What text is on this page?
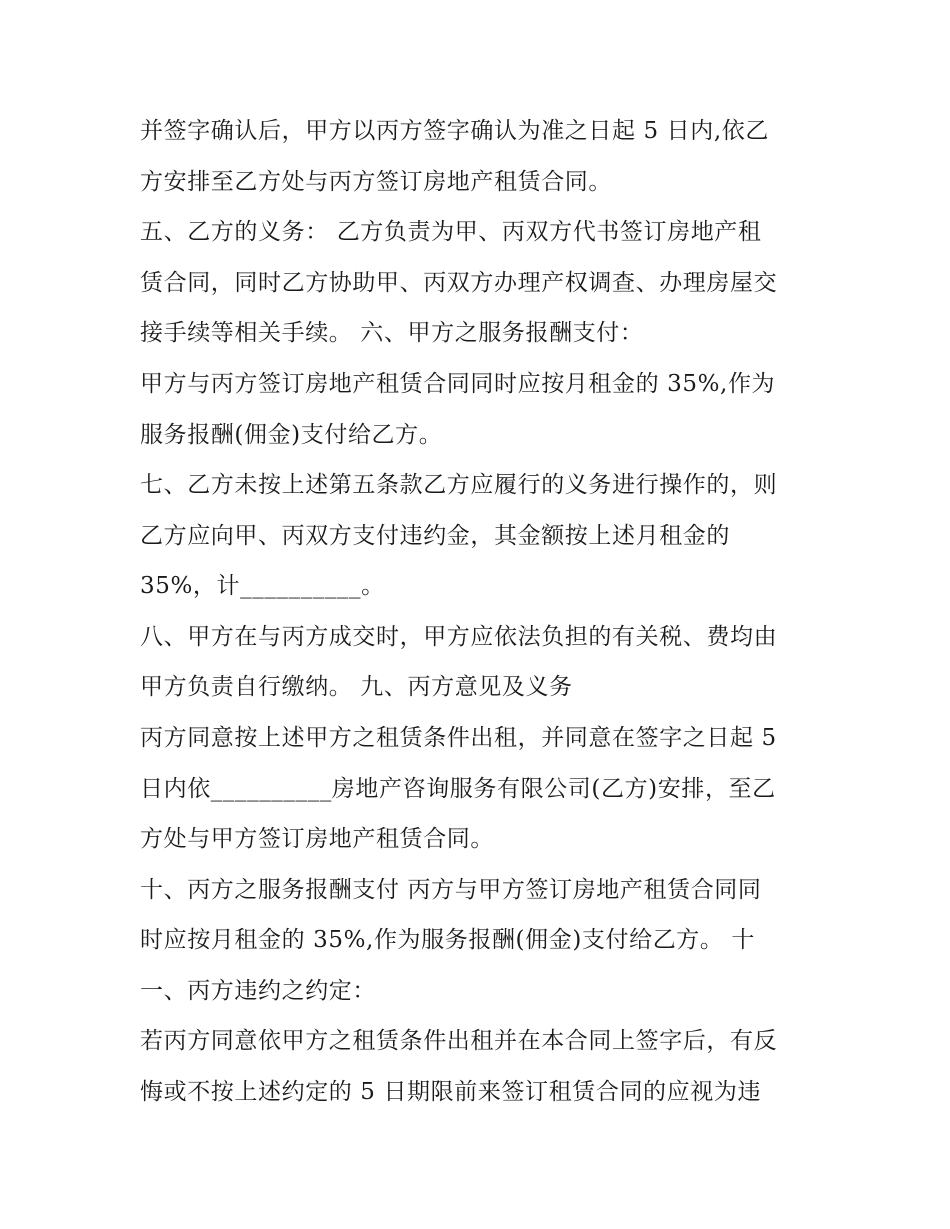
并签字确认后，甲方以丙方签字确认为准之日起 5 日内,依乙
方安排至乙方处与丙方签订房地产租赁合同。
五、乙方的义务： 乙方负责为甲、丙双方代书签订房地产租
赁合同，同时乙方协助甲、丙双方办理产权调查、办理房屋交
接手续等相关手续。 六、甲方之服务报酬支付：
甲方与丙方签订房地产租赁合同同时应按月租金的 35%,作为
服务报酬(佣金)支付给乙方。
七、乙方未按上述第五条款乙方应履行的义务进行操作的，则
乙方应向甲、丙双方支付违约金，其金额按上述月租金的
35%，计__________。
八、甲方在与丙方成交时，甲方应依法负担的有关税、费均由
甲方负责自行缴纳。 九、丙方意见及义务
丙方同意按上述甲方之租赁条件出租，并同意在签字之日起 5
日内依__________房地产咨询服务有限公司(乙方)安排，至乙
方处与甲方签订房地产租赁合同。
十、丙方之服务报酬支付 丙方与甲方签订房地产租赁合同同
时应按月租金的 35%,作为服务报酬(佣金)支付给乙方。 十
一、丙方违约之约定：
若丙方同意依甲方之租赁条件出租并在本合同上签字后，有反
悔或不按上述约定的 5 日期限前来签订租赁合同的应视为违
